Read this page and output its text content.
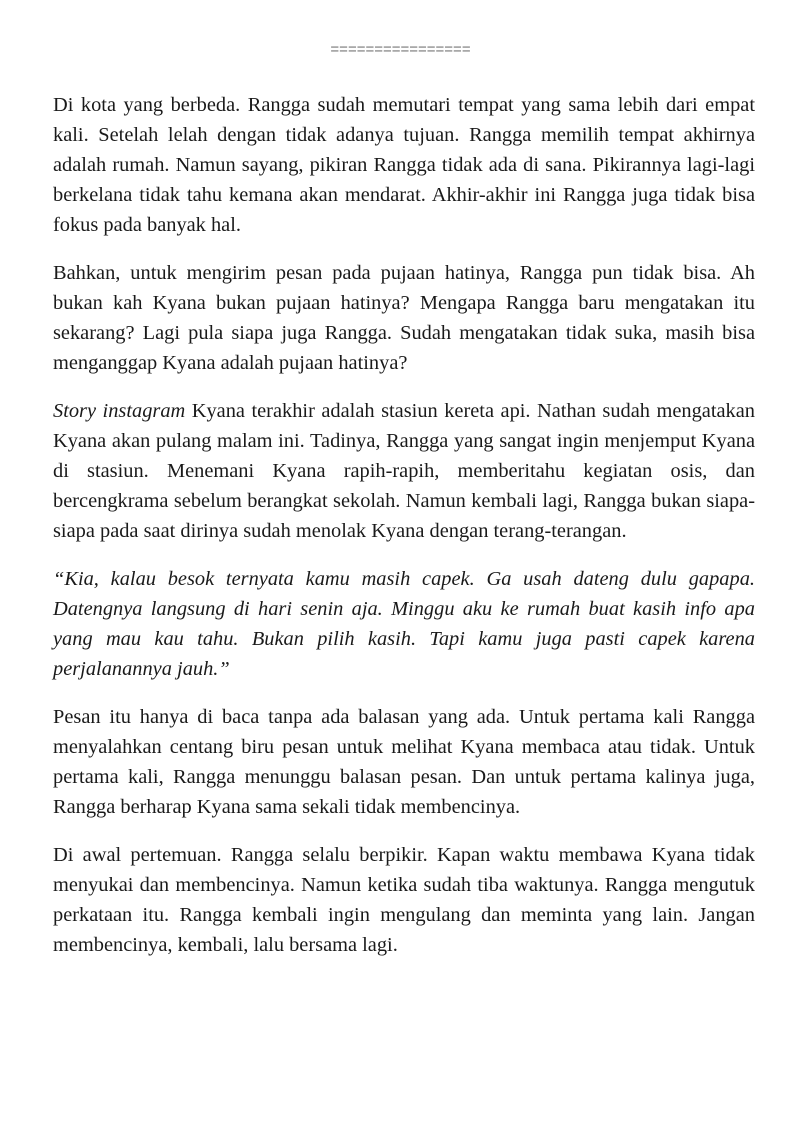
================

Di kota yang berbeda. Rangga sudah memutari tempat yang sama lebih dari empat kali. Setelah lelah dengan tidak adanya tujuan. Rangga memilih tempat akhirnya adalah rumah. Namun sayang, pikiran Rangga tidak ada di sana. Pikirannya lagi-lagi berkelana tidak tahu kemana akan mendarat. Akhir-akhir ini Rangga juga tidak bisa fokus pada banyak hal.

Bahkan, untuk mengirim pesan pada pujaan hatinya, Rangga pun tidak bisa. Ah bukan kah Kyana bukan pujaan hatinya? Mengapa Rangga baru mengatakan itu sekarang? Lagi pula siapa juga Rangga. Sudah mengatakan tidak suka, masih bisa menganggap Kyana adalah pujaan hatinya?

Story instagram Kyana terakhir adalah stasiun kereta api. Nathan sudah mengatakan Kyana akan pulang malam ini. Tadinya, Rangga yang sangat ingin menjemput Kyana di stasiun. Menemani Kyana rapih-rapih, memberitahu kegiatan osis, dan bercengkrama sebelum berangkat sekolah. Namun kembali lagi, Rangga bukan siapa-siapa pada saat dirinya sudah menolak Kyana dengan terang-terangan.

“Kia, kalau besok ternyata kamu masih capek. Ga usah dateng dulu gapapa. Datengnya langsung di hari senin aja. Minggu aku ke rumah buat kasih info apa yang mau kau tahu. Bukan pilih kasih. Tapi kamu juga pasti capek karena perjalanannya jauh.”

Pesan itu hanya di baca tanpa ada balasan yang ada. Untuk pertama kali Rangga menyalahkan centang biru pesan untuk melihat Kyana membaca atau tidak. Untuk pertama kali, Rangga menunggu balasan pesan. Dan untuk pertama kalinya juga, Rangga berharap Kyana sama sekali tidak membencinya.

Di awal pertemuan. Rangga selalu berpikir. Kapan waktu membawa Kyana tidak menyukai dan membencinya. Namun ketika sudah tiba waktunya. Rangga mengutuk perkataan itu. Rangga kembali ingin mengulang dan meminta yang lain. Jangan membencinya, kembali, lalu bersama lagi.
